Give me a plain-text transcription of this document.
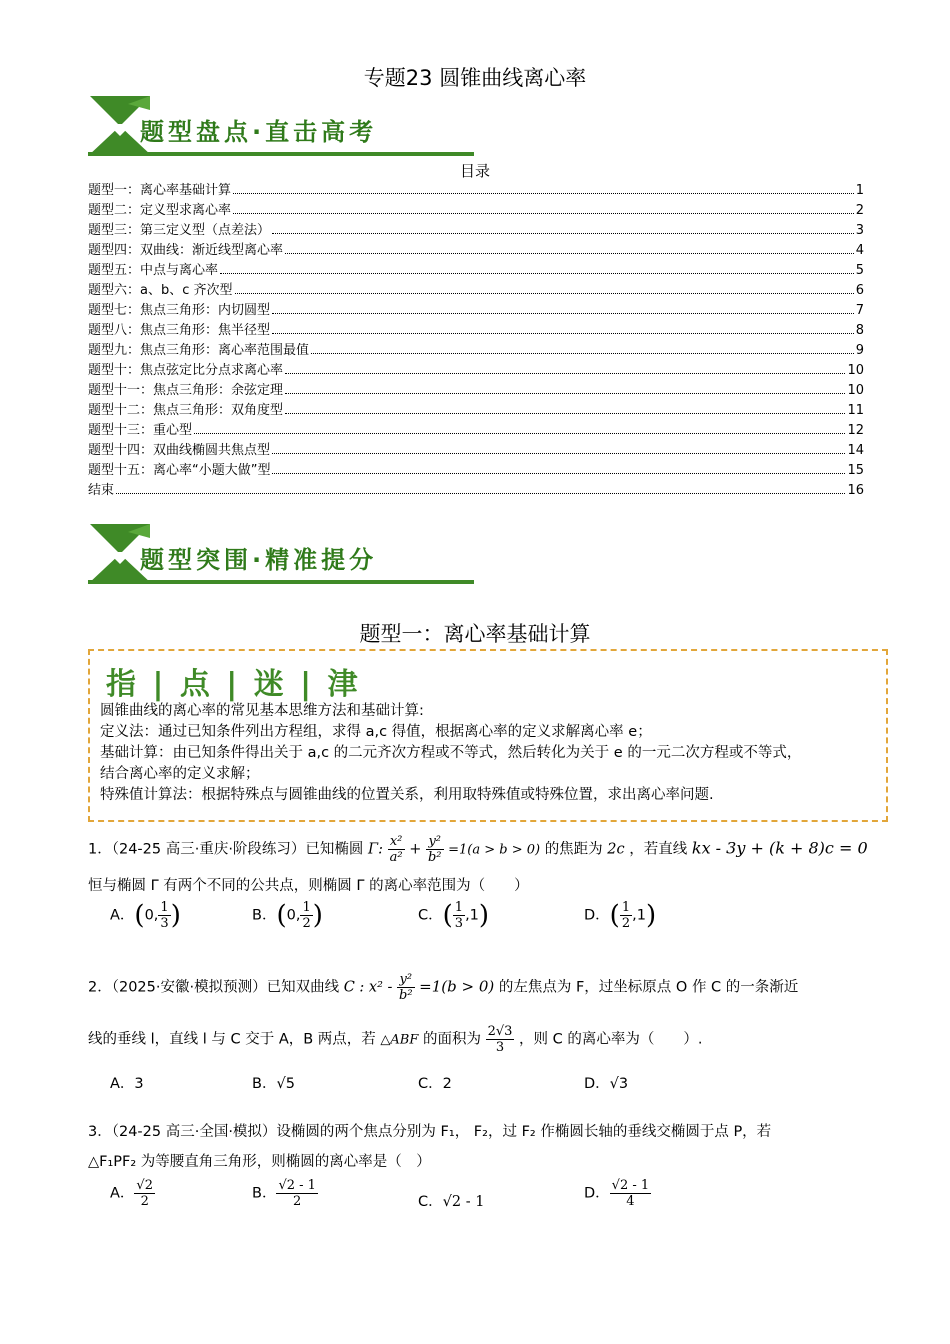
专题23 圆锥曲线离心率
题型盘点·直击高考
目录
题型一：离心率基础计算	1
题型二：定义型求离心率	2
题型三：第三定义型（点差法）	3
题型四：双曲线：渐近线型离心率	4
题型五：中点与离心率	5
题型六：a、b、c 齐次型	6
题型七：焦点三角形：内切圆型	7
题型八：焦点三角形：焦半径型	8
题型九：焦点三角形：离心率范围最值	9
题型十：焦点弦定比分点求离心率	10
题型十一：焦点三角形：余弦定理	10
题型十二：焦点三角形：双角度型	11
题型十三：重心型	12
题型十四：双曲线椭圆共焦点型	14
题型十五：离心率“小题大做”型	15
结束	16
题型突围·精准提分
题型一：离心率基础计算
指 | 点 | 迷 | 津
圆锥曲线的离心率的常见基本思维方法和基础计算:
定义法：通过已知条件列出方程组，求得 a,c 得值，根据离心率的定义求解离心率 e；
基础计算：由已知条件得出关于 a,c 的二元齐次方程或不等式，然后转化为关于 e 的一元二次方程或不等式，
结合离心率的定义求解；
特殊值计算法：根据特殊点与圆锥曲线的位置关系，利用取特殊值或特殊位置，求出离心率问题.
1．（24-25 高三·重庆·阶段练习）已知椭圆 Γ: $\frac{\text{x²}}{\text{a²}} + \frac{\text{y²}}{\text{b²}} =1(a > b > 0)$ 的焦距为 2c ，若直线 kx - 3y + (k + 8)c = 0
恒与椭圆 Γ 有两个不同的公共点，则椭圆 Γ 的离心率范围为（　　）
A．(0, $\frac{1}{3}$ )	B．(0, $\frac{1}{2}$ )	C．( $\frac{1}{3} ,1$)	D．( $\frac{1}{2} ,1$)
2．（2025·安徽·模拟预测）已知双曲线 C : $x^2 - \frac{\text{y²}}{\text{b²}} =1(b > 0)$ 的左焦点为 F，过坐标原点 O 作 C 的一条渐近
线的垂线 l，直线 l 与 C 交于 A，B 两点，若 △ABF 的面积为 $\frac{2√3}{3}$ ，则 C 的离心率为（　　）.
A．3	B．√5	C．2	D．√3
3．（24-25 高三·全国·模拟）设椭圆的两个焦点分别为 F₁， F₂，过 F₂ 作椭圆长轴的垂线交椭圆于点 P，若
△F₁PF₂ 为等腰直角三角形，则椭圆的离心率是（　）
A． $\frac{√2}{2}$	B． $\frac{√2 - 1}{2}$	C．√2 - 1
D． $\frac{√2 - 1}{4}$
